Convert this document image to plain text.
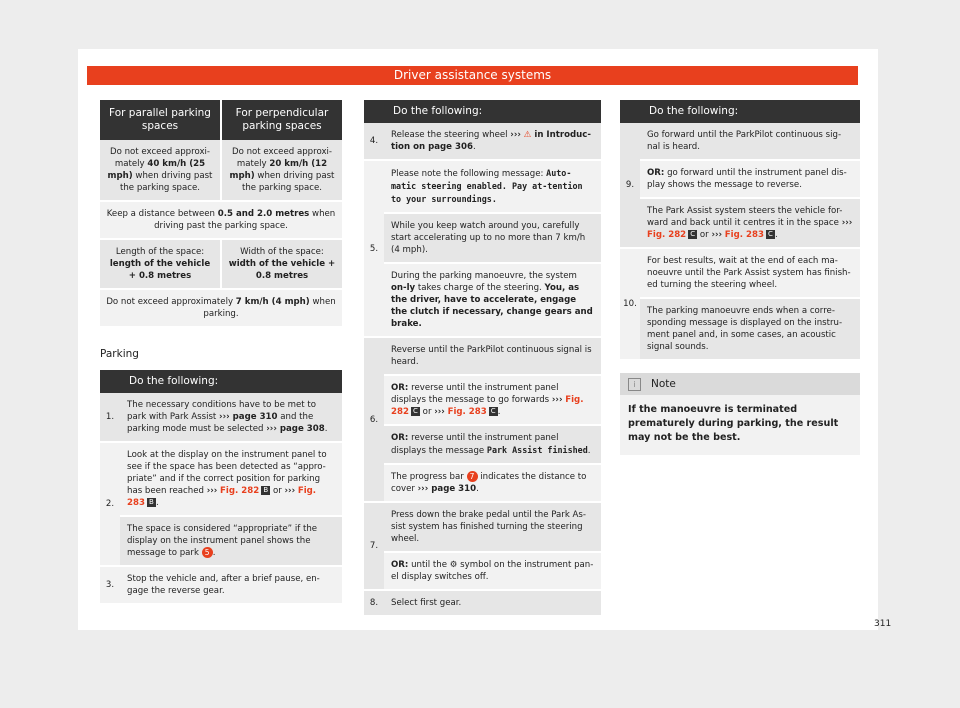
Driver assistance systems
For parallel parking spaces	For perpendicular parking spaces
Do not exceed approxi-mately 40 km/h (25 mph) when driving past the parking space.	Do not exceed approxi-mately 20 km/h (12 mph) when driving past the parking space.
Keep a distance between 0.5 and 2.0 metres when driving past the parking space.	
Length of the space: length of the vehicle + 0.8 metres	Width of the space: width of the vehicle + 0.8 metres
Do not exceed approximately 7 km/h (4 mph) when parking.	
Parking
	Do the following:
1.	The necessary conditions have to be met to park with Park Assist ››› page 310 and the parking mode must be selected ››› page 308.
2.	Look at the display on the instrument panel to see if the space has been detected as “appro-priate” and if the correct position for parking has been reached ››› Fig. 282 B or ››› Fig. 283 B .
	The space is considered “appropriate” if the display on the instrument panel shows the message to park 5 .
3.	Stop the vehicle and, after a brief pause, en-gage the reverse gear.
	Do the following:
4.	Release the steering wheel ››› ⚠ in Introduc-tion on page 306.
5.	Please note the following message: Auto-matic steering enabled. Pay at-tention to your surroundings.
	While you keep watch around you, carefully start accelerating up to no more than 7 km/h (4 mph).
	During the parking manoeuvre, the system on-ly takes charge of the steering. You, as the driver, have to accelerate, engage the clutch if necessary, change gears and brake.
6.	Reverse until the ParkPilot continuous signal is heard.
	OR: reverse until the instrument panel displays the message to go forwards ››› Fig. 282 C or ››› Fig. 283 C .
	OR: reverse until the instrument panel displays the message Park Assist finished.
	The progress bar 7 indicates the distance to cover ››› page 310.
7.	Press down the brake pedal until the Park As-sist system has finished turning the steering wheel.
	OR: until the ⚙ symbol on the instrument pan-el display switches off.
8.	Select first gear.
	Do the following:
9.	Go forward until the ParkPilot continuous sig-nal is heard.
	OR: go forward until the instrument panel dis-play shows the message to reverse.
	The Park Assist system steers the vehicle for-ward and back until it centres it in the space ››› Fig. 282 C or ››› Fig. 283 C .
10.	For best results, wait at the end of each ma-noeuvre until the Park Assist system has finish-ed turning the steering wheel.
	The parking manoeuvre ends when a corre-sponding message is displayed on the instru-ment panel and, in some cases, an acoustic signal sounds.
i Note
If the manoeuvre is terminated prematurely during parking, the result may not be the best.
311
